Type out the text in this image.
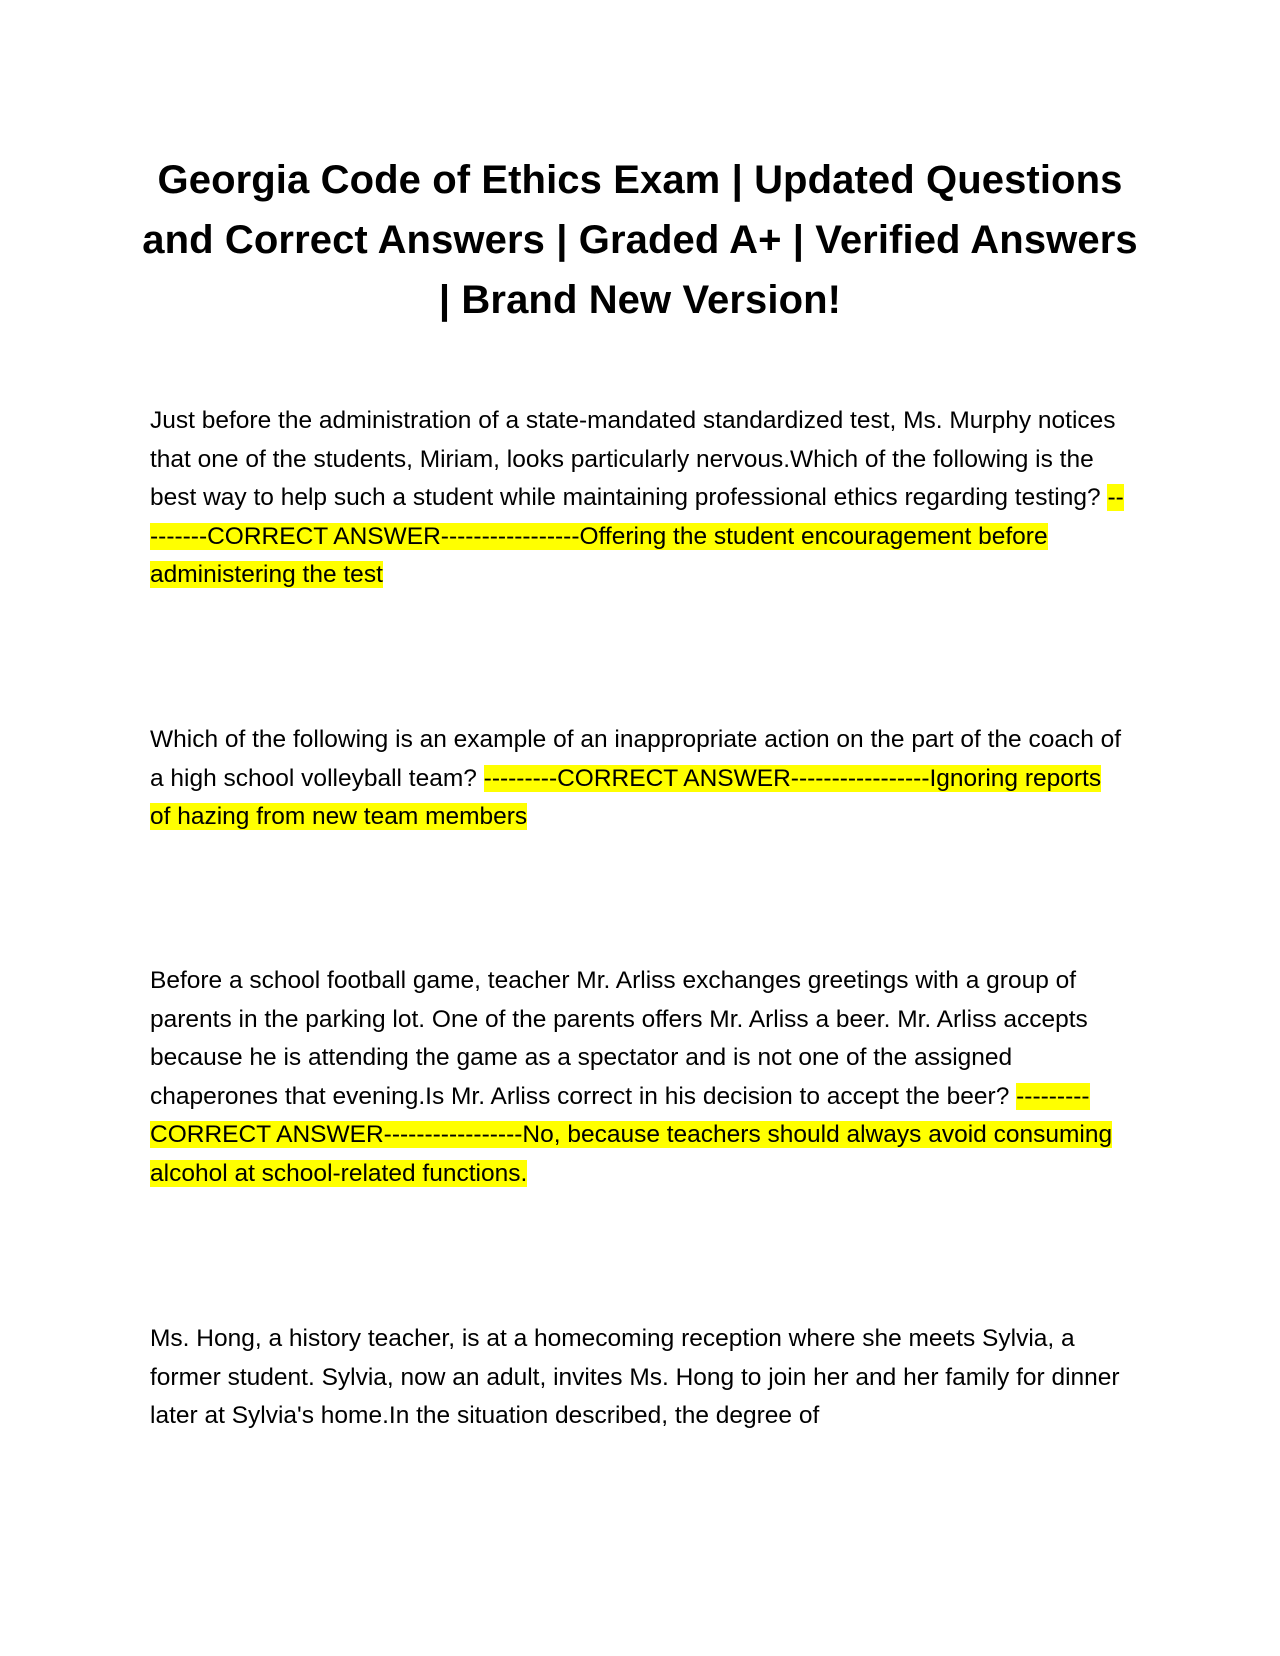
Georgia Code of Ethics Exam | Updated Questions and Correct Answers | Graded A+ | Verified Answers | Brand New Version!

Just before the administration of a state-mandated standardized test, Ms. Murphy notices that one of the students, Miriam, looks particularly nervous.Which of the following is the best way to help such a student while maintaining professional ethics regarding testing? ---------CORRECT ANSWER-----------------Offering the student encouragement before administering the test

Which of the following is an example of an inappropriate action on the part of the coach of a high school volleyball team? ---------CORRECT ANSWER-----------------Ignoring reports of hazing from new team members

Before a school football game, teacher Mr. Arliss exchanges greetings with a group of parents in the parking lot. One of the parents offers Mr. Arliss a beer. Mr. Arliss accepts because he is attending the game as a spectator and is not one of the assigned chaperones that evening.Is Mr. Arliss correct in his decision to accept the beer? ---------CORRECT ANSWER-----------------No, because teachers should always avoid consuming alcohol at school-related functions.

Ms. Hong, a history teacher, is at a homecoming reception where she meets Sylvia, a former student. Sylvia, now an adult, invites Ms. Hong to join her and her family for dinner later at Sylvia's home.In the situation described, the degree of
